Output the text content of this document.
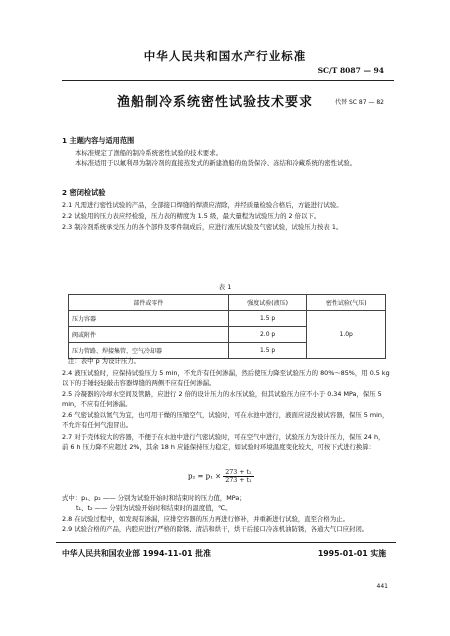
中华人民共和国水产行业标准
SC/T 8087 — 94
渔船制冷系统密性试验技术要求	代替 SC 87 — 82
1 主题内容与适用范围
本标准规定了渔船的制冷系统密性试验的技术要求。
本标准适用于以氟利昂为制冷剂的直接蒸发式的新建渔船的鱼货保冷、冻结和冷藏系统的密性试验。
2 密闭检试验
2.1 凡需进行密性试验的产品，全部接口焊缝的焊渣应清除，并经质量检验合格后，方能进行试验。
2.2 试验用的压力表应经检验，压力表的精度为 1.5 级，最大量程为试验压力的 2 倍以下。
2.3 制冷剂系统承受压力的各个部件及零件制成后，应进行液压试验及气密试验，试验压力按表 1。
表 1
部件或零件	强度试验(液压)	密性试验(气压)
压力容器	1.5 p	1.0p
阀或附件	2.0 p	
压力管路、焊接集管、空气冷却器	1.5 p	
注：表中 p 为设计压力。
2.4 液压试验时，应保持试验压力 5 min，不允许有任何渗漏，然后使压力降至试验压力的 80%～85%，用 0.5 kg 以下的手锤轻轻敲击容器焊缝的两侧不应有任何渗漏。
2.5 冷凝器的冷却水空间及管路，应进行 2 倍的设计压力的水压试验，但其试验压力应不小于 0.34 MPa，保压 5 min，不应有任何渗漏。
2.6 气密试验以氮气为宜，也可用干燥的压缩空气，试验时，可在水池中进行，液面应浸没被试容器，保压 5 min，不允许有任何气泡冒出。
2.7 对于壳体较大的容器，不便于在水池中进行气密试验时，可在空气中进行，试验压力为设计压力，保压 24 h，前 6 h 压力降不应超过 2%，其余 18 h 应能保持压力稳定，如试验时环境温度变化较大，可按下式进行换算：
$p_2 = p_1 \times \frac{\text{273 + t₂}}{\text{273 + t₁}}$
式中：p₁、p₂ —— 分别为试验开始时和结束时的压力值，MPa；
t₁、t₂ —— 分别为试验开始时和结束时的温度值，℃。
2.8 在试验过程中，如发现有渗漏，应排空容器的压力再进行修补，并重新进行试验，直至合格为止。
2.9 试验合格的产品，内腔应进行严格的除锈、清洁和烘干，烘干后接口冷冻机油防锈，各通大气口应封闭。
中华人民共和国农业部 1994-11-01 批准	1995-01-01 实施
441
